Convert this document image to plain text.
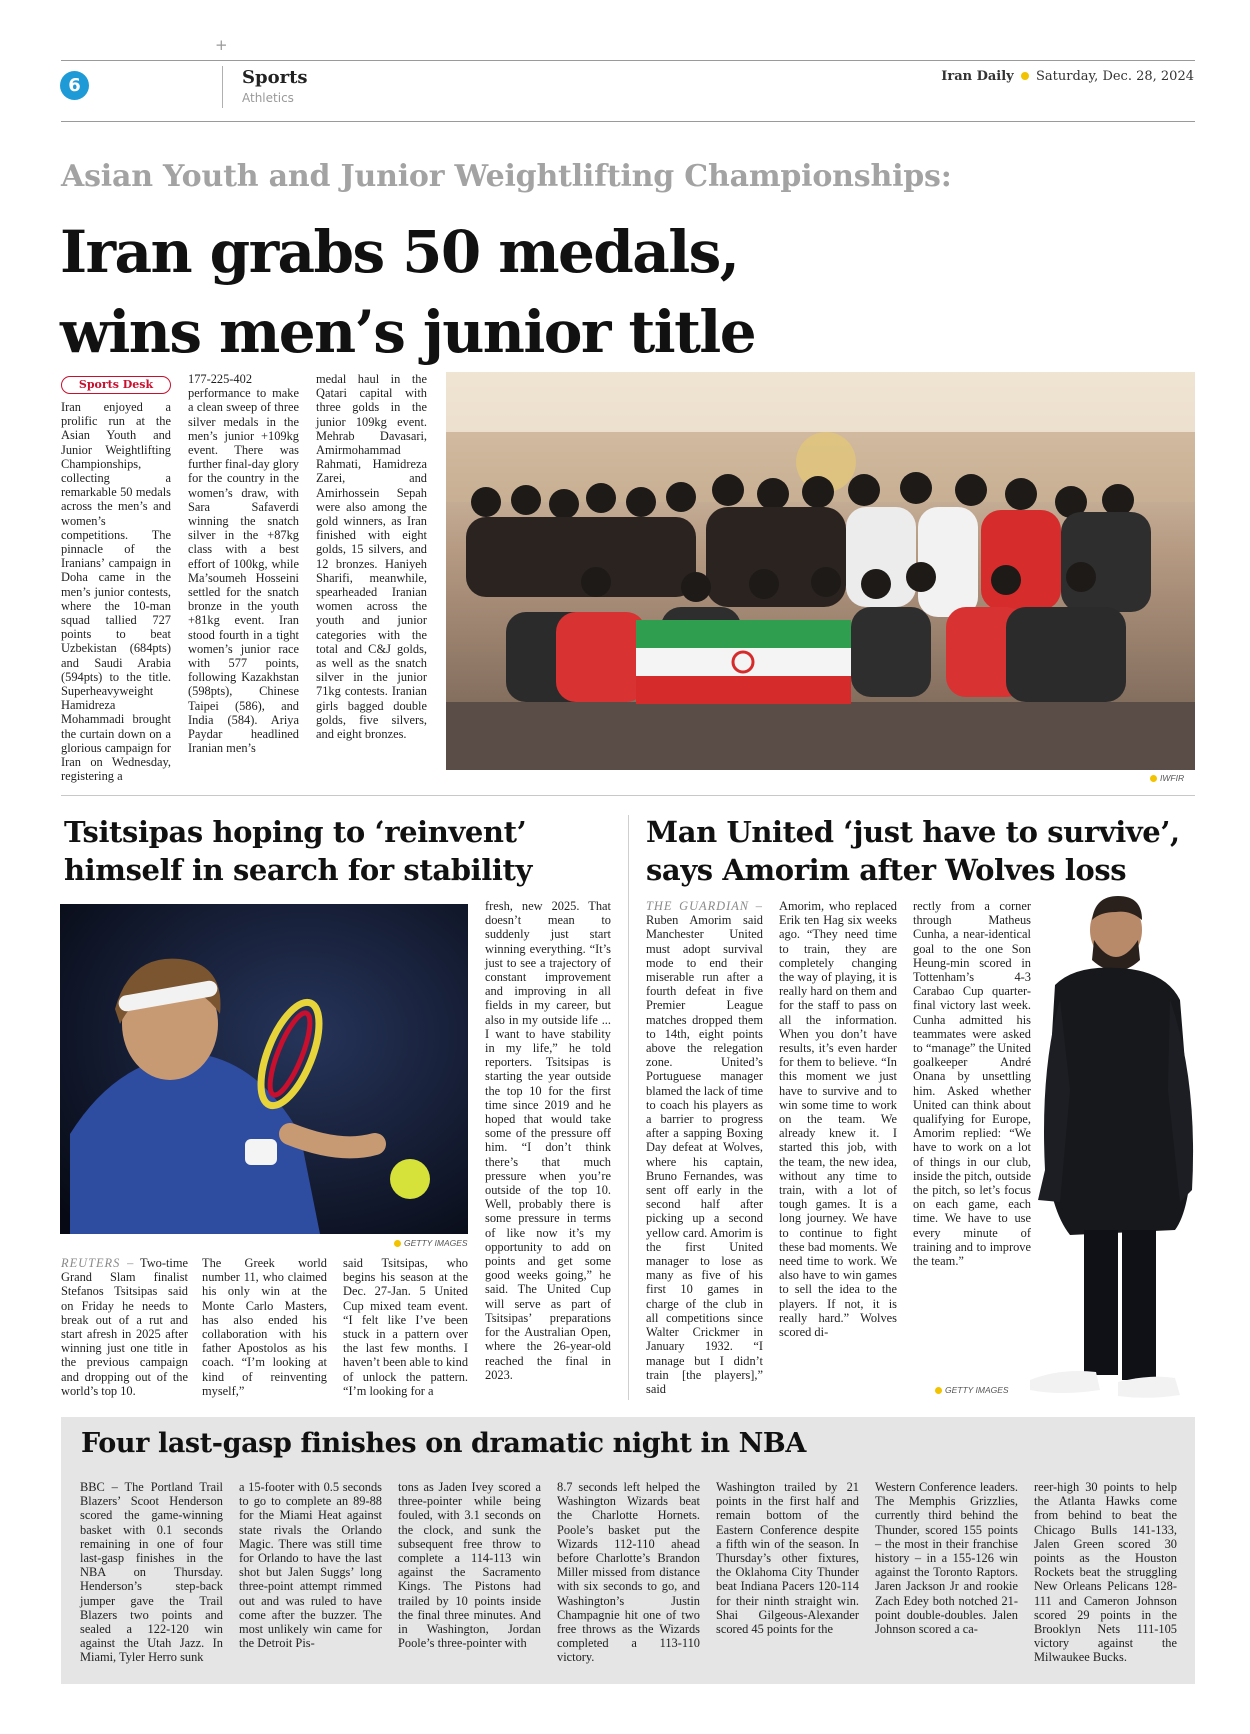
+
6	Sports
Athletics
Iran Daily Saturday, Dec. 28, 2024
Asian Youth and Junior Weightlifting Championships:
Iran grabs 50 medals,
wins men’s junior title
Sports Desk

Iran enjoyed a prolific run at the Asian Youth and Junior Weightlifting Championships, collecting a remarkable 50 medals across the men’s and women’s competitions. The pinnacle of the Iranians’ campaign in Doha came in the men’s junior contests, where the 10-man squad tallied 727 points to beat Uzbekistan (684pts) and Saudi Arabia (594pts) to the title. Superheavyweight Hamidreza Mohammadi brought the curtain down on a glorious campaign for Iran on Wednesday, registering a

177-225-402 performance to make a clean sweep of three silver medals in the men’s junior +109kg event. There was further final-day glory for the country in the women’s draw, with Sara Safaverdi winning the snatch silver in the +87kg class with a best effort of 100kg, while Ma’soumeh Hosseini settled for the snatch bronze in the youth +81kg event. Iran stood fourth in a tight women’s junior race with 577 points, following Kazakhstan (598pts), Chinese Taipei (586), and India (584). Ariya Paydar headlined Iranian men’s

medal haul in the Qatari capital with three golds in the junior 109kg event. Mehrab Davasari, Amirmohammad Rahmati, Hamidreza Zarei, and Amirhossein Sepah were also among the gold winners, as Iran finished with eight golds, 15 silvers, and 12 bronzes. Haniyeh Sharifi, meanwhile, spearheaded Iranian women across the youth and junior categories with the total and C&J golds, as well as the snatch silver in the junior 71kg contests. Iranian girls bagged double golds, five silvers, and eight bronzes.

IWFIR
Tsitsipas hoping to ‘reinvent’
himself in search for stability
GETTY IMAGES

REUTERS – Two-time Grand Slam finalist Stefanos Tsitsipas said on Friday he needs to break out of a rut and start afresh in 2025 after winning just one title in the previous campaign and dropping out of the world’s top 10.

The Greek world number 11, who claimed his only win at the Monte Carlo Masters, has also ended his collaboration with his father Apostolos as his coach. “I’m looking at kind of reinventing myself,”

said Tsitsipas, who begins his season at the Dec. 27-Jan. 5 United Cup mixed team event. “I felt like I’ve been stuck in a pattern over the last few months. I haven’t been able to kind of unlock the pattern. “I’m looking for a

fresh, new 2025. That doesn’t mean to suddenly just start winning everything. “It’s just to see a trajectory of constant improvement and improving in all fields in my career, but also in my outside life ... I want to have stability in my life,” he told reporters. Tsitsipas is starting the year outside the top 10 for the first time since 2019 and he hoped that would take some of the pressure off him. “I don’t think there’s that much pressure when you’re outside of the top 10. Well, probably there is some pressure in terms of like now it’s my opportunity to add on points and get some good weeks going,” he said. The United Cup will serve as part of Tsitsipas’ preparations for the Australian Open, where the 26-year-old reached the final in 2023.

Man United ‘just have to survive’,
says Amorim after Wolves loss

THE GUARDIAN – Ruben Amorim said Manchester United must adopt survival mode to end their miserable run after a fourth defeat in five Premier League matches dropped them to 14th, eight points above the relegation zone. United’s Portuguese manager blamed the lack of time to coach his players as a barrier to progress after a sapping Boxing Day defeat at Wolves, where his captain, Bruno Fernandes, was sent off early in the second half after picking up a second yellow card. Amorim is the first United manager to lose as many as five of his first 10 games in charge of the club in all competitions since Walter Crickmer in January 1932. “I manage but I didn’t train [the players],” said

Amorim, who replaced Erik ten Hag six weeks ago. “They need time to train, they are completely changing the way of playing, it is really hard on them and for the staff to pass on all the information. When you don’t have results, it’s even harder for them to believe. “In this moment we just have to survive and to win some time to work on the team. We already knew it. I started this job, with the team, the new idea, without any time to train, with a lot of tough games. It is a long journey. We have to continue to fight these bad moments. We need time to work. We also have to win games to sell the idea to the players. If not, it is really hard.” Wolves scored di-

rectly from a corner through Matheus Cunha, a near-identical goal to the one Son Heung-min scored in Tottenham’s 4-3 Carabao Cup quarter-final victory last week. Cunha admitted his teammates were asked to “manage” the United goalkeeper André Onana by unsettling him. Asked whether United can think about qualifying for Europe, Amorim replied: “We have to work on a lot of things in our club, inside the pitch, outside the pitch, so let’s focus on each game, each time. We have to use every minute of training and to improve the team.”

GETTY IMAGES
Four last-gasp finishes on dramatic night in NBA

BBC – The Portland Trail Blazers’ Scoot Henderson scored the game-winning basket with 0.1 seconds remaining in one of four last-gasp finishes in the NBA on Thursday. Henderson’s step-back jumper gave the Trail Blazers two points and sealed a 122-120 win against the Utah Jazz. In Miami, Tyler Herro sunk

a 15-footer with 0.5 seconds to go to complete an 89-88 for the Miami Heat against state rivals the Orlando Magic. There was still time for Orlando to have the last shot but Jalen Suggs’ long three-point attempt rimmed out and was ruled to have come after the buzzer. The most unlikely win came for the Detroit Pis-

tons as Jaden Ivey scored a three-pointer while being fouled, with 3.1 seconds on the clock, and sunk the subsequent free throw to complete a 114-113 win against the Sacramento Kings. The Pistons had trailed by 10 points inside the final three minutes. And in Washington, Jordan Poole’s three-pointer with

8.7 seconds left helped the Washington Wizards beat the Charlotte Hornets. Poole’s basket put the Wizards 112-110 ahead before Charlotte’s Brandon Miller missed from distance with six seconds to go, and Washington’s Justin Champagnie hit one of two free throws as the Wizards completed a 113-110 victory.

Washington trailed by 21 points in the first half and remain bottom of the Eastern Conference despite a fifth win of the season. In Thursday’s other fixtures, the Oklahoma City Thunder beat Indiana Pacers 120-114 for their ninth straight win. Shai Gilgeous-Alexander scored 45 points for the

Western Conference leaders. The Memphis Grizzlies, currently third behind the Thunder, scored 155 points – the most in their franchise history – in a 155-126 win against the Toronto Raptors. Jaren Jackson Jr and rookie Zach Edey both notched 21-point double-doubles. Jalen Johnson scored a ca-

reer-high 30 points to help the Atlanta Hawks come from behind to beat the Chicago Bulls 141-133, Jalen Green scored 30 points as the Houston Rockets beat the struggling New Orleans Pelicans 128-111 and Cameron Johnson scored 29 points in the Brooklyn Nets 111-105 victory against the Milwaukee Bucks.
